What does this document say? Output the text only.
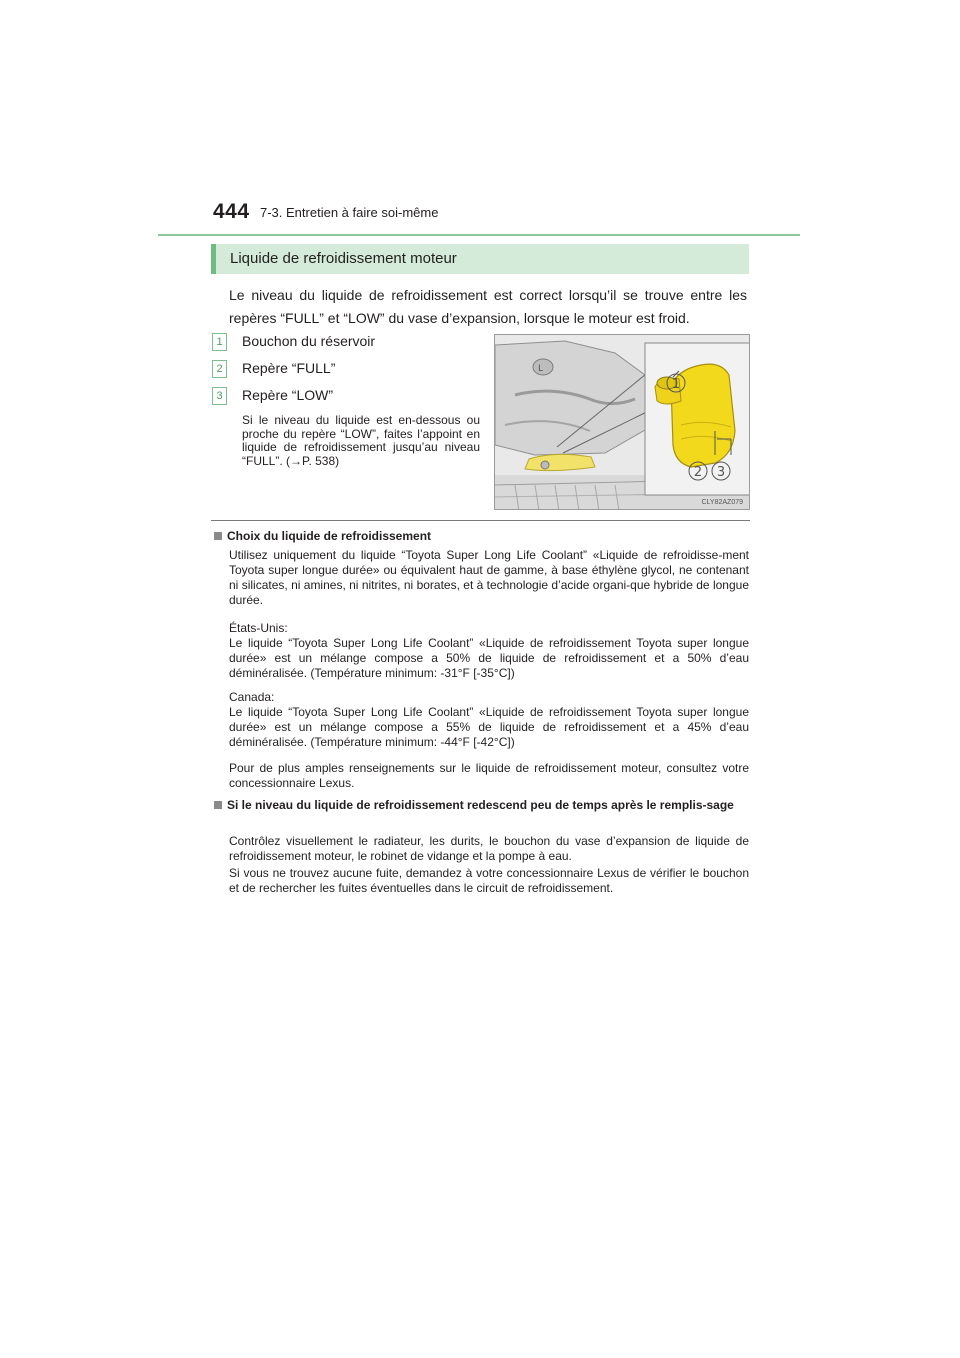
444 7-3. Entretien à faire soi-même
Liquide de refroidissement moteur

Le niveau du liquide de refroidissement est correct lorsqu’il se trouve entre les repères “FULL” et “LOW” du vase d’expansion, lorsque le moteur est froid.

1	Bouchon du réservoir
2	Repère “FULL”
3	Repère “LOW”

Si le niveau du liquide est en-dessous ou proche du repère “LOW”, faites l’appoint en liquide de refroidissement jusqu’au niveau “FULL”. (→P. 538)

L
1
2 3
CLY82AZ079
Choix du liquide de refroidissement

Utilisez uniquement du liquide “Toyota Super Long Life Coolant” «Liquide de refroidisse-ment Toyota super longue durée» ou équivalent haut de gamme, à base éthylène glycol, ne contenant ni silicates, ni amines, ni nitrites, ni borates, et à technologie d’acide organi-que hybride de longue durée.

États-Unis:

Le liquide “Toyota Super Long Life Coolant” «Liquide de refroidissement Toyota super longue durée» est un mélange compose a 50% de liquide de refroidissement et a 50% d’eau déminéralisée. (Température minimum: -31°F [-35°C])

Canada:

Le liquide “Toyota Super Long Life Coolant” «Liquide de refroidissement Toyota super longue durée» est un mélange compose a 55% de liquide de refroidissement et a 45% d’eau déminéralisée. (Température minimum: -44°F [-42°C])

Pour de plus amples renseignements sur le liquide de refroidissement moteur, consultez votre concessionnaire Lexus.

Si le niveau du liquide de refroidissement redescend peu de temps après le remplis-sage

Contrôlez visuellement le radiateur, les durits, le bouchon du vase d’expansion de liquide de refroidissement moteur, le robinet de vidange et la pompe à eau.

Si vous ne trouvez aucune fuite, demandez à votre concessionnaire Lexus de vérifier le bouchon et de rechercher les fuites éventuelles dans le circuit de refroidissement.
